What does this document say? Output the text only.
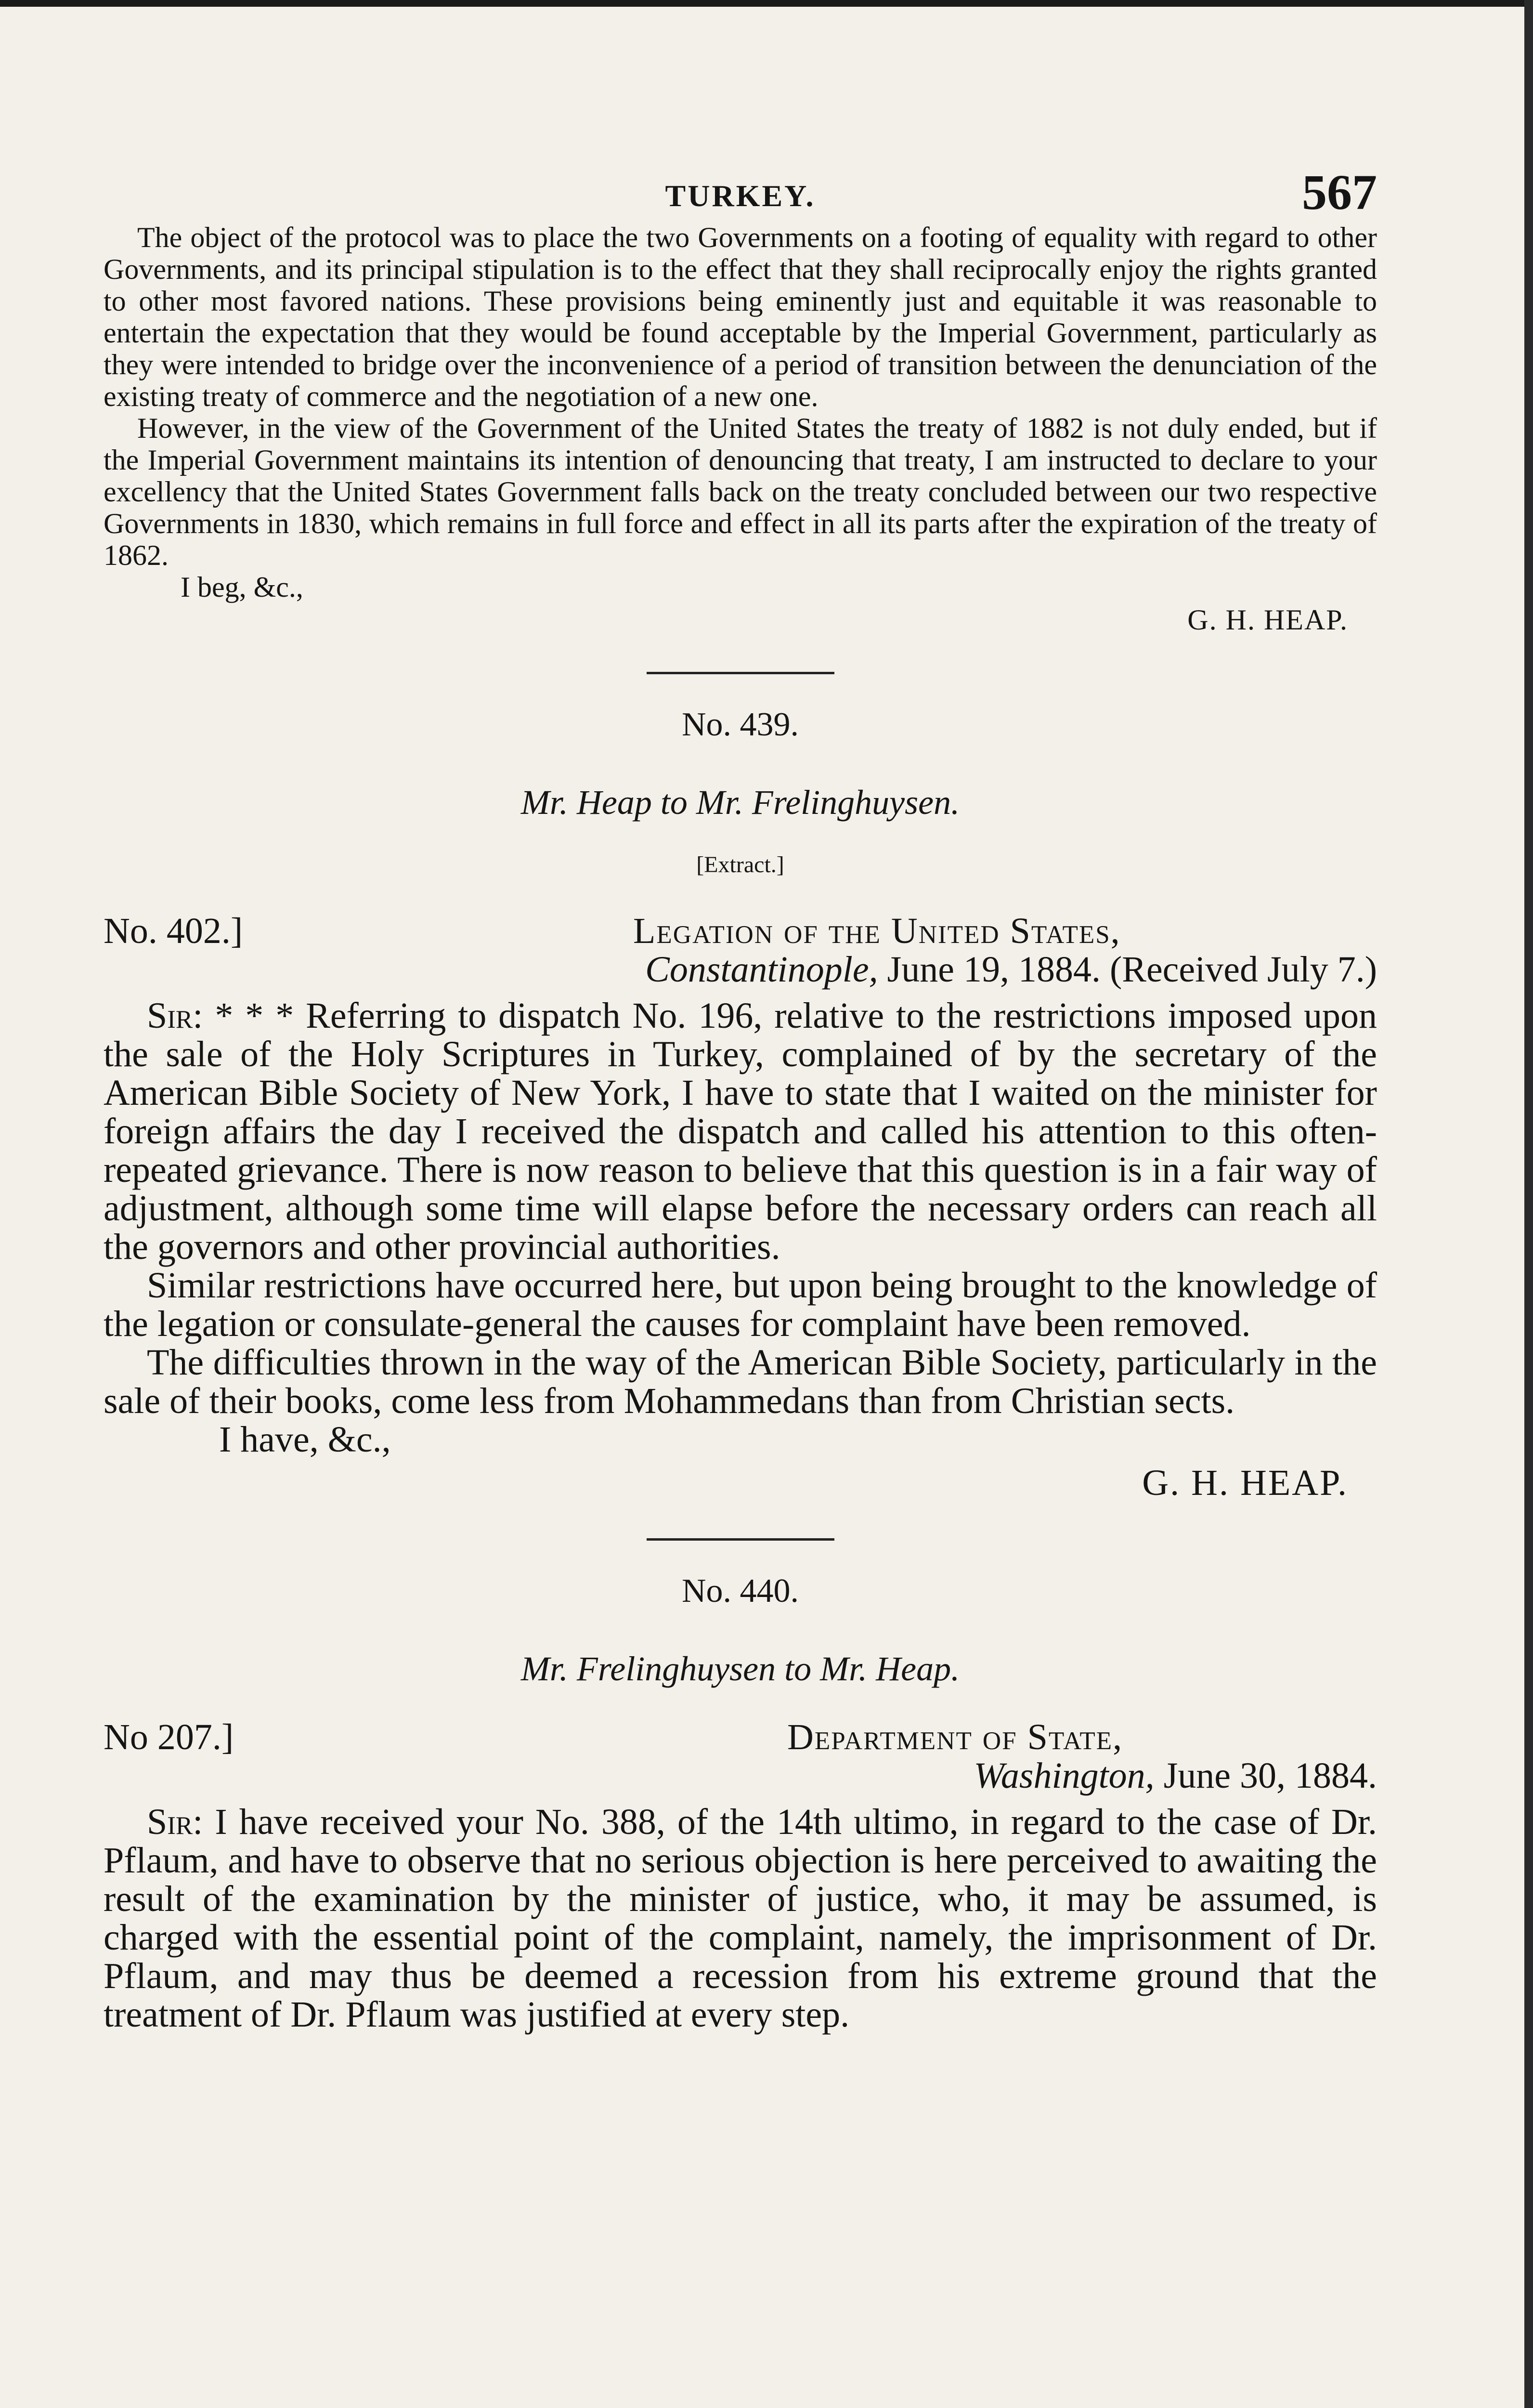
TURKEY.	567

The object of the protocol was to place the two Governments on a footing of equality with regard to other Governments, and its principal stipulation is to the effect that they shall reciprocally enjoy the rights granted to other most favored nations. These provisions being eminently just and equitable it was reasonable to entertain the expectation that they would be found acceptable by the Imperial Government, particularly as they were intended to bridge over the inconvenience of a period of transition between the denunciation of the existing treaty of commerce and the negotiation of a new one.

However, in the view of the Government of the United States the treaty of 1882 is not duly ended, but if the Imperial Government maintains its intention of denouncing that treaty, I am instructed to declare to your excellency that the United States Government falls back on the treaty concluded between our two respective Governments in 1830, which remains in full force and effect in all its parts after the expiration of the treaty of 1862.

I beg, &c.,

G. H. HEAP.
No. 439.
Mr. Heap to Mr. Frelinghuysen.
[Extract.]
No. 402.]	Legation of the United States,
Constantinople, June 19, 1884. (Received July 7.)

Sir: * * * Referring to dispatch No. 196, relative to the restrictions imposed upon the sale of the Holy Scriptures in Turkey, complained of by the secretary of the American Bible Society of New York, I have to state that I waited on the minister for foreign affairs the day I received the dispatch and called his attention to this often-repeated grievance. There is now reason to believe that this question is in a fair way of adjustment, although some time will elapse before the necessary orders can reach all the governors and other provincial authorities.

Similar restrictions have occurred here, but upon being brought to the knowledge of the legation or consulate-general the causes for complaint have been removed.

The difficulties thrown in the way of the American Bible Society, particularly in the sale of their books, come less from Mohammedans than from Christian sects.

I have, &c.,

G. H. HEAP.
No. 440.
Mr. Frelinghuysen to Mr. Heap.
No 207.]	Department of State,
Washington, June 30, 1884.

Sir: I have received your No. 388, of the 14th ultimo, in regard to the case of Dr. Pflaum, and have to observe that no serious objection is here perceived to awaiting the result of the examination by the minister of justice, who, it may be assumed, is charged with the essential point of the complaint, namely, the imprisonment of Dr. Pflaum, and may thus be deemed a recession from his extreme ground that the treatment of Dr. Pflaum was justified at every step.
